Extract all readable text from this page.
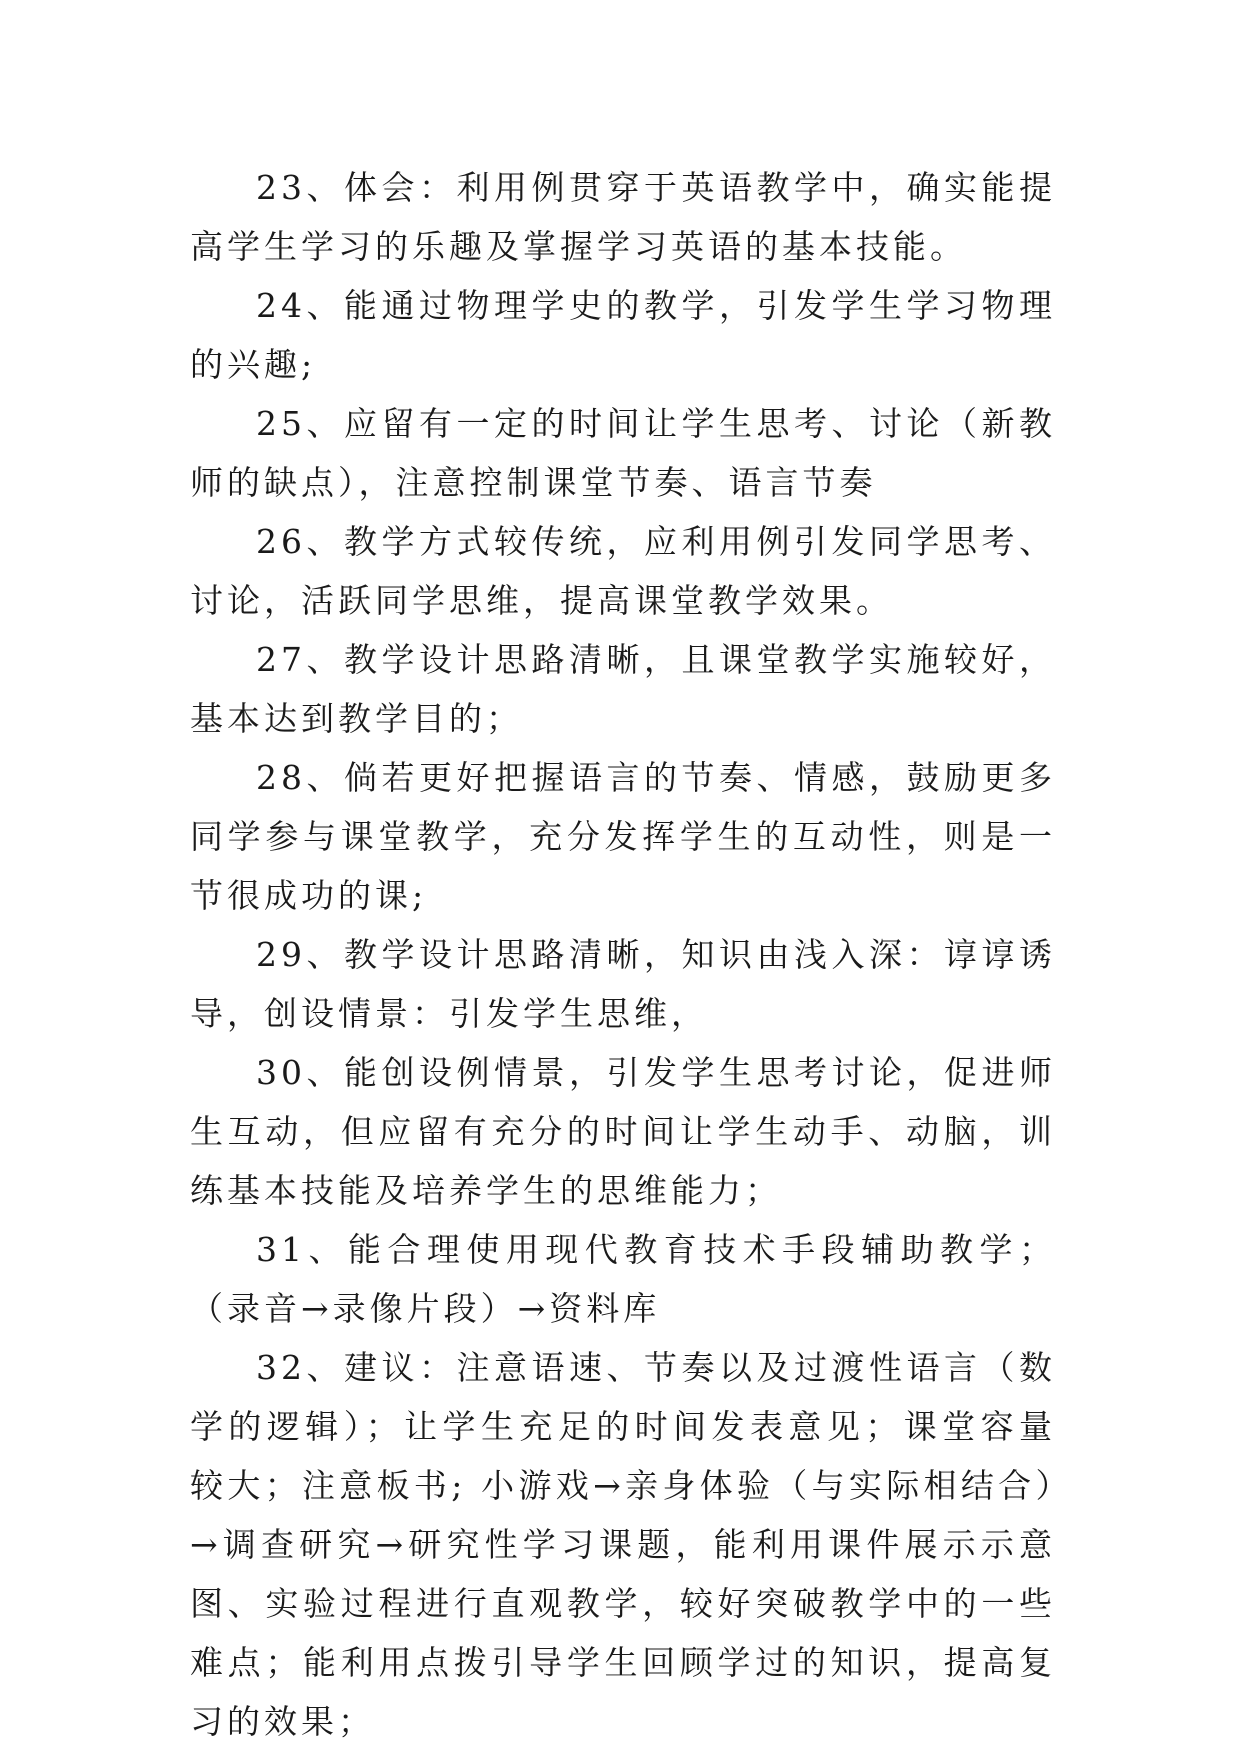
23、体会：利用例贯穿于英语教学中，确实能提高学生学习的乐趣及掌握学习英语的基本技能。

24、能通过物理学史的教学，引发学生学习物理的兴趣;

25、应留有一定的时间让学生思考、讨论（新教师的缺点），注意控制课堂节奏、语言节奏

26、教学方式较传统，应利用例引发同学思考、讨论，活跃同学思维，提高课堂教学效果。

27、教学设计思路清晰，且课堂教学实施较好，基本达到教学目的；

28、倘若更好把握语言的节奏、情感，鼓励更多同学参与课堂教学，充分发挥学生的互动性，则是一节很成功的课;

29、教学设计思路清晰，知识由浅入深：谆谆诱导，创设情景：引发学生思维，

30、能创设例情景，引发学生思考讨论，促进师生互动，但应留有充分的时间让学生动手、动脑，训练基本技能及培养学生的思维能力；

31、能合理使用现代教育技术手段辅助教学；（录音→录像片段）→资料库

32、建议：注意语速、节奏以及过渡性语言（数学的逻辑）；让学生充足的时间发表意见；课堂容量较大；注意板书; 小游戏→亲身体验（与实际相结合）→调查研究→研究性学习课题，能利用课件展示示意图、实验过程进行直观教学，较好突破教学中的一些难点；能利用点拨引导学生回顾学过的知识，提高复习的效果；
